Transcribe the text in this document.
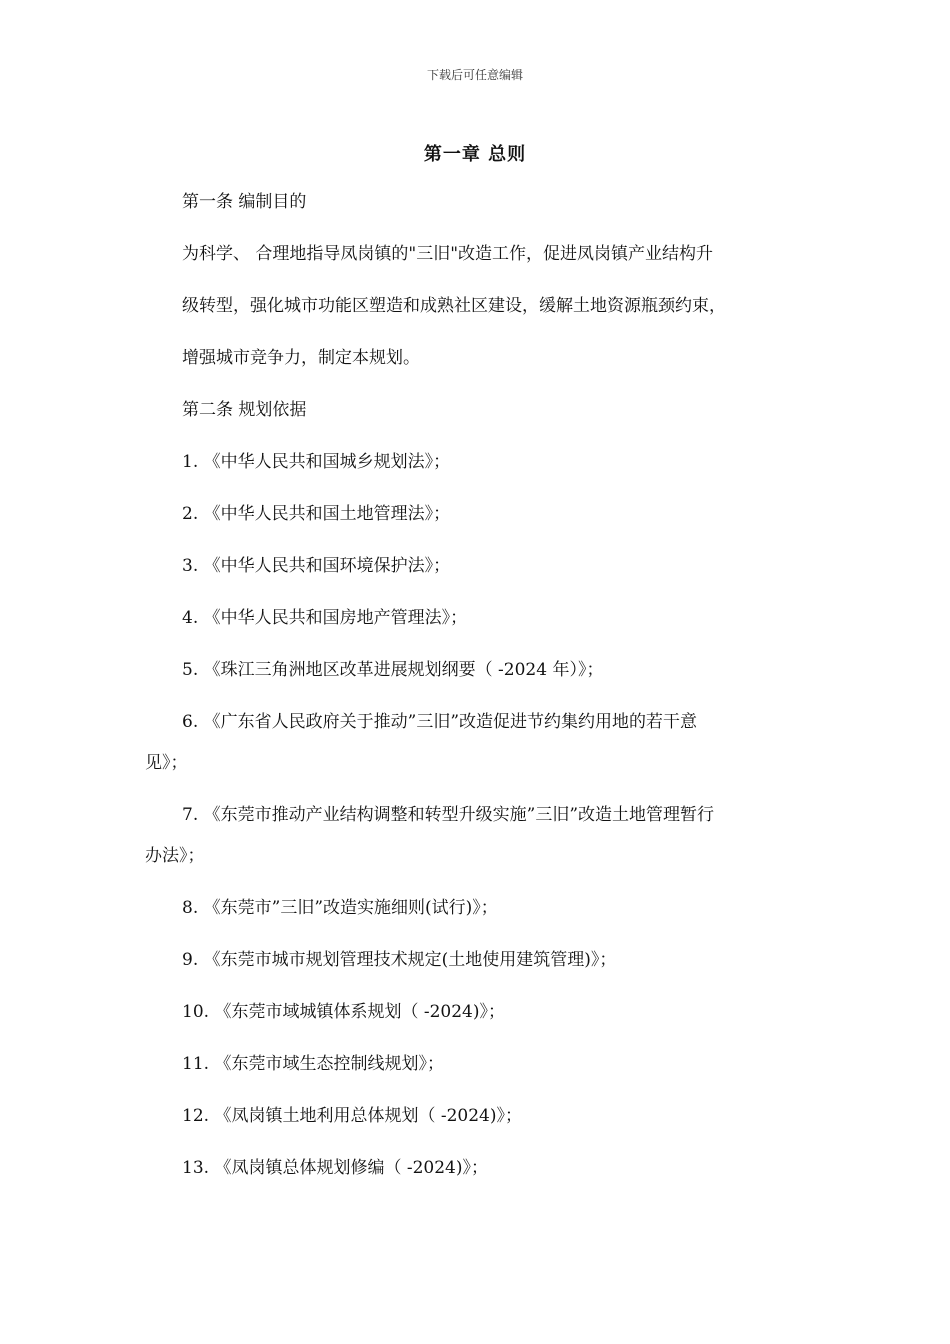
下载后可任意编辑
第一章 总则
第一条 编制目的
为科学、 合理地指导凤岗镇的"三旧"改造工作，促进凤岗镇产业结构升
级转型，强化城市功能区塑造和成熟社区建设，缓解土地资源瓶颈约束，
增强城市竞争力，制定本规划。
第二条 规划依据
1. 《中华人民共和国城乡规划法》；
2. 《中华人民共和国土地管理法》；
3. 《中华人民共和国环境保护法》；
4. 《中华人民共和国房地产管理法》；
5. 《珠江三角洲地区改革进展规划纲要（ -2024 年）》；
6. 《广东省人民政府关于推动”三旧”改造促进节约集约用地的若干意
见》；
7. 《东莞市推动产业结构调整和转型升级实施”三旧”改造土地管理暂行
办法》；
8. 《东莞市”三旧”改造实施细则(试行)》；
9. 《东莞市城市规划管理技术规定(土地使用建筑管理)》；
10. 《东莞市域城镇体系规划（ -2024)》；
11. 《东莞市域生态控制线规划》；
12. 《凤岗镇土地利用总体规划（ -2024)》；
13. 《凤岗镇总体规划修编（ -2024)》；
